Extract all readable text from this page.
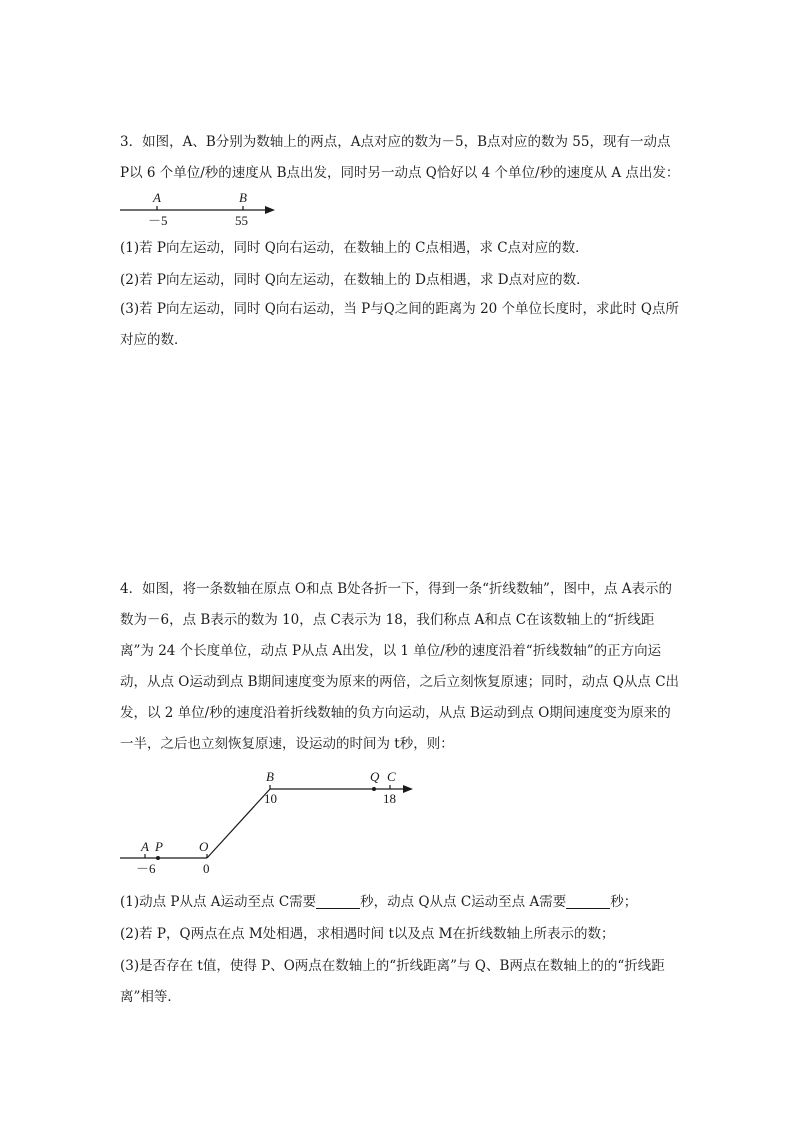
3．如图，A、B分别为数轴上的两点，A点对应的数为－5，B点对应的数为 55，现有一动点 P以 6 个单位/秒的速度从 B点出发，同时另一动点 Q恰好以 4 个单位/秒的速度从 A 点出发：

A	B
－5	55

(1)若 P向左运动，同时 Q向右运动，在数轴上的 C点相遇，求 C点对应的数．

(2)若 P向左运动，同时 Q向左运动，在数轴上的 D点相遇，求 D点对应的数．

(3)若 P向左运动，同时 Q向右运动，当 P与Q之间的距离为 20 个单位长度时，求此时 Q点所对应的数．

4．如图，将一条数轴在原点 O和点 B处各折一下，得到一条“折线数轴”，图中，点 A表示的数为－6，点 B表示的数为 10，点 C表示为 18，我们称点 A和点 C在该数轴上的“折线距离”为 24 个长度单位，动点 P从点 A出发，以 1 单位/秒的速度沿着“折线数轴”的正方向运动，从点 O运动到点 B期间速度变为原来的两倍，之后立刻恢复原速；同时，动点 Q从点 C出发，以 2 单位/秒的速度沿着折线数轴的负方向运动，从点 B运动到点 O期间速度变为原来的一半，之后也立刻恢复原速，设运动的时间为 t秒，则：

A P	O
B	Q C
－6	0
10	18

(1)动点 P从点 A运动至点 C需要	秒，动点 Q从点 C运动至点 A需要	秒；

(2)若 P，Q两点在点 M处相遇，求相遇时间 t以及点 M在折线数轴上所表示的数；

(3)是否存在 t值，使得 P、O两点在数轴上的“折线距离”与 Q、B两点在数轴上的的“折线距离”相等．
